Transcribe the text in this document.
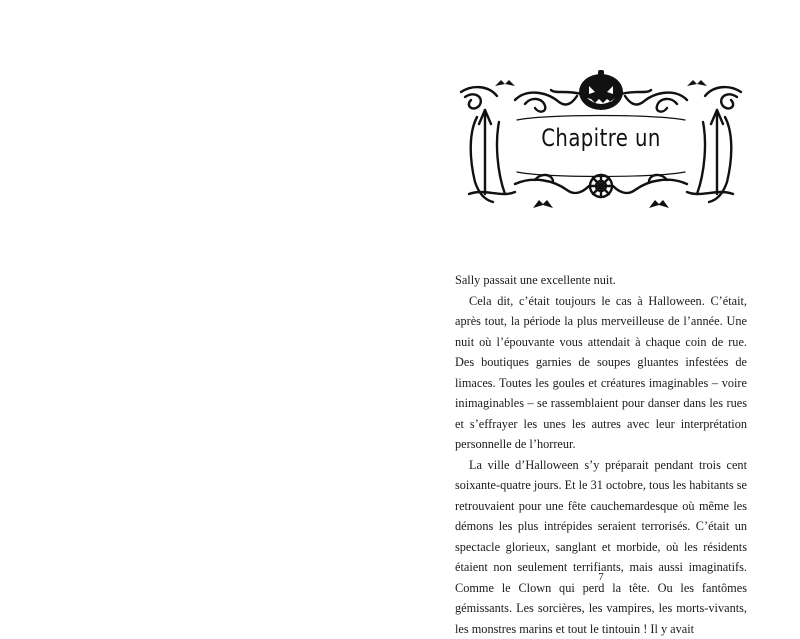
Chapitre un

Sally passait une excellente nuit.

Cela dit, c’était toujours le cas à Halloween. C’était, après tout, la période la plus merveilleuse de l’année. Une nuit où l’épouvante vous attendait à chaque coin de rue. Des boutiques garnies de soupes gluantes infestées de limaces. Toutes les goules et créatures imaginables – voire inimaginables – se rassemblaient pour danser dans les rues et s’effrayer les unes les autres avec leur interprétation personnelle de l’horreur.

La ville d’Halloween s’y préparait pendant trois cent soixante-quatre jours. Et le 31 octobre, tous les habitants se retrouvaient pour une fête cauchemardesque où même les démons les plus intrépides seraient terrorisés. C’était un spectacle glorieux, sanglant et morbide, où les résidents étaient non seulement terrifiants, mais aussi imaginatifs. Comme le Clown qui perd la tête. Ou les fantômes gémissants. Les sorcières, les vampires, les morts-vivants, les monstres marins et tout le tintouin ! Il y avait

7
